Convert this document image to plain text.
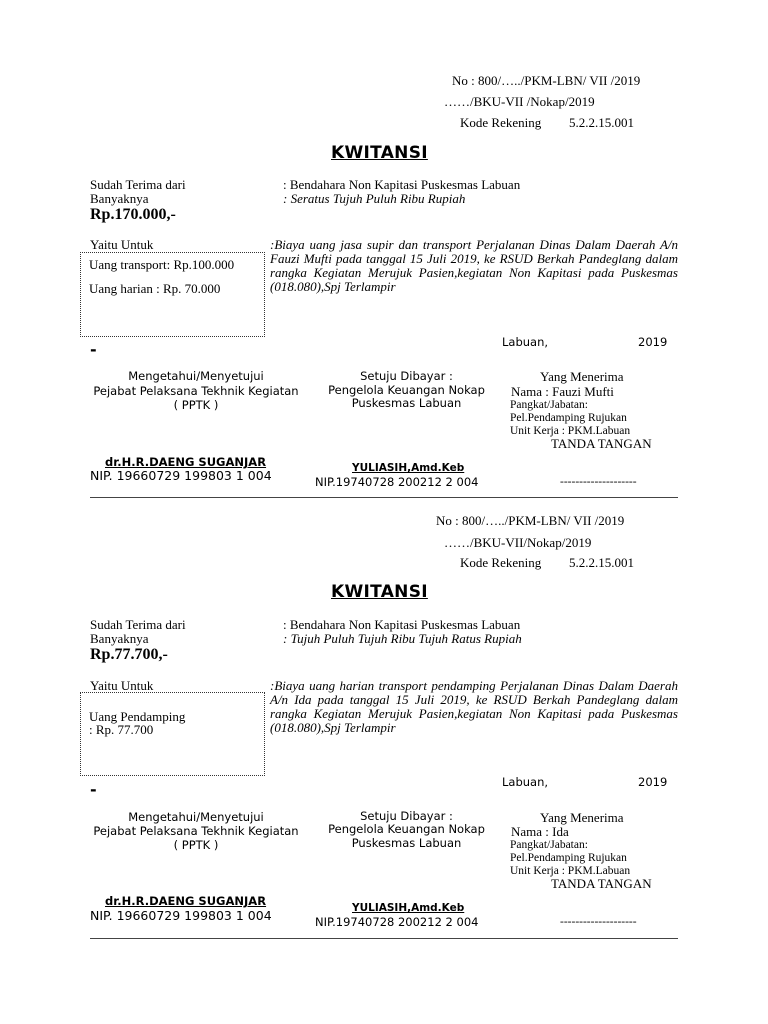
No : 800/…../PKM-LBN/ VII /2019
……/BKU-VII /Nokap/2019
Kode Rekening 5.2.2.15.001
KWITANSI
Sudah Terima dari	: Bendahara Non Kapitasi Puskesmas Labuan
Banyaknya	: Seratus Tujuh Puluh Ribu Rupiah
Rp.170.000,-
Yaitu Untuk	:Biaya uang jasa supir dan transport Perjalanan Dinas Dalam Daerah A/n Fauzi Mufti pada tanggal 15 Juli 2019, ke RSUD Berkah Pandeglang dalam rangka Kegiatan Merujuk Pasien,kegiatan Non Kapitasi pada Puskesmas (018.080),Spj Terlampir
Uang transport: Rp.100.000
Uang harian : Rp. 70.000
Labuan,	2019
-
Mengetahui/Menyetujui
Pejabat Pelaksana Tekhnik Kegiatan
( PPTK )
Setuju Dibayar :
Pengelola Keuangan Nokap
Puskesmas Labuan
Yang Menerima
Nama : Fauzi Mufti
Pangkat/Jabatan:
Pel.Pendamping Rujukan
Unit Kerja : PKM.Labuan
TANDA TANGAN
dr.H.R.DAENG SUGANJAR
NIP. 19660729 199803 1 004	YULIASIH,Amd.Keb
NIP.19740728 200212 2 004	--------------------
No : 800/…../PKM-LBN/ VII /2019
……/BKU-VII/Nokap/2019
Kode Rekening 5.2.2.15.001
KWITANSI
Sudah Terima dari	: Bendahara Non Kapitasi Puskesmas Labuan
Banyaknya	: Tujuh Puluh Tujuh Ribu Tujuh Ratus Rupiah
Rp.77.700,-
Yaitu Untuk	:Biaya uang harian transport pendamping Perjalanan Dinas Dalam Daerah A/n Ida pada tanggal 15 Juli 2019, ke RSUD Berkah Pandeglang dalam rangka Kegiatan Merujuk Pasien,kegiatan Non Kapitasi pada Puskesmas (018.080),Spj Terlampir
Uang Pendamping
: Rp. 77.700
Labuan,	2019
-
Mengetahui/Menyetujui
Pejabat Pelaksana Tekhnik Kegiatan
( PPTK )
Setuju Dibayar :
Pengelola Keuangan Nokap
Puskesmas Labuan
Yang Menerima
Nama : Ida
Pangkat/Jabatan:
Pel.Pendamping Rujukan
Unit Kerja : PKM.Labuan
TANDA TANGAN
dr.H.R.DAENG SUGANJAR
NIP. 19660729 199803 1 004	YULIASIH,Amd.Keb
NIP.19740728 200212 2 004	--------------------
